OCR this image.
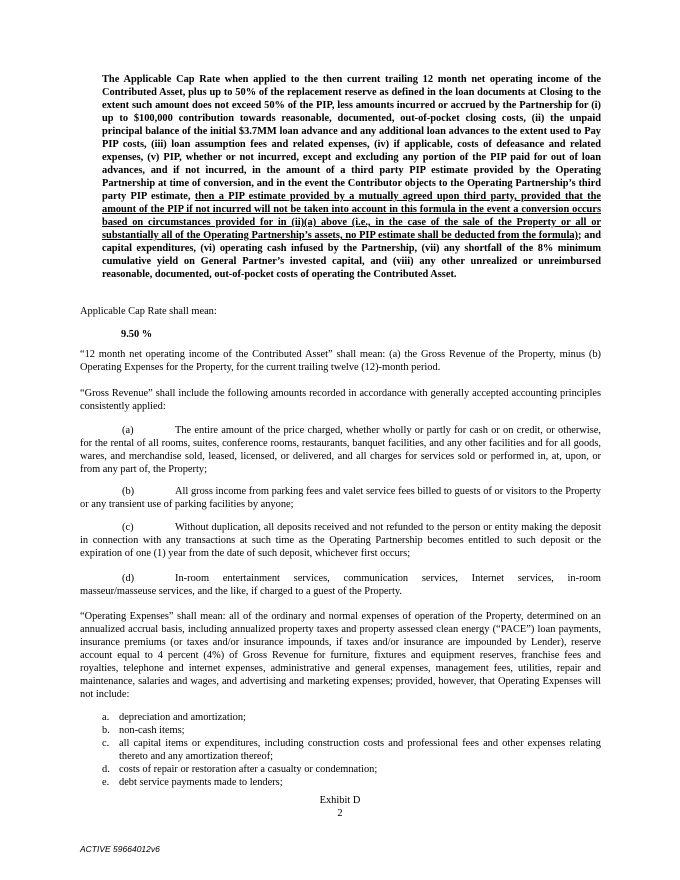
The Applicable Cap Rate when applied to the then current trailing 12 month net operating income of the Contributed Asset, plus up to 50% of the replacement reserve as defined in the loan documents at Closing to the extent such amount does not exceed 50% of the PIP, less amounts incurred or accrued by the Partnership for (i) up to $100,000 contribution towards reasonable, documented, out-of-pocket closing costs, (ii) the unpaid principal balance of the initial $3.7MM loan advance and any additional loan advances to the extent used to Pay PIP costs, (iii) loan assumption fees and related expenses, (iv) if applicable, costs of defeasance and related expenses, (v) PIP, whether or not incurred, except and excluding any portion of the PIP paid for out of loan advances, and if not incurred, in the amount of a third party PIP estimate provided by the Operating Partnership at time of conversion, and in the event the Contributor objects to the Operating Partnership’s third party PIP estimate, then a PIP estimate provided by a mutually agreed upon third party, provided that the amount of the PIP if not incurred will not be taken into account in this formula in the event a conversion occurs based on circumstances provided for in (ii)(a) above (i.e., in the case of the sale of the Property or all or substantially all of the Operating Partnership’s assets, no PIP estimate shall be deducted from the formula); and capital expenditures, (vi) operating cash infused by the Partnership, (vii) any shortfall of the 8% minimum cumulative yield on General Partner’s invested capital, and (viii) any other unrealized or unreimbursed reasonable, documented, out-of-pocket costs of operating the Contributed Asset.

Applicable Cap Rate shall mean:

9.50 %

“12 month net operating income of the Contributed Asset” shall mean: (a) the Gross Revenue of the Property, minus (b) Operating Expenses for the Property, for the current trailing twelve (12)-month period.

“Gross Revenue” shall include the following amounts recorded in accordance with generally accepted accounting principles consistently applied:

(a)	The entire amount of the price charged, whether wholly or partly for cash or on credit, or otherwise, for the rental of all rooms, suites, conference rooms, restaurants, banquet facilities, and any other facilities and for all goods, wares, and merchandise sold, leased, licensed, or delivered, and all charges for services sold or performed in, at, upon, or from any part of, the Property;

(b)	All gross income from parking fees and valet service fees billed to guests of or visitors to the Property or any transient use of parking facilities by anyone;

(c)	Without duplication, all deposits received and not refunded to the person or entity making the deposit in connection with any transactions at such time as the Operating Partnership becomes entitled to such deposit or the expiration of one (1) year from the date of such deposit, whichever first occurs;

(d)	In-room entertainment services, communication services, Internet services, in-room masseur/masseuse services, and the like, if charged to a guest of the Property.

“Operating Expenses” shall mean: all of the ordinary and normal expenses of operation of the Property, determined on an annualized accrual basis, including annualized property taxes and property assessed clean energy (“PACE”) loan payments, insurance premiums (or taxes and/or insurance impounds, if taxes and/or insurance are impounded by Lender), reserve account equal to 4 percent (4%) of Gross Revenue for furniture, fixtures and equipment reserves, franchise fees and royalties, telephone and internet expenses, administrative and general expenses, management fees, utilities, repair and maintenance, salaries and wages, and advertising and marketing expenses; provided, however, that Operating Expenses will not include:

a. depreciation and amortization;
b. non-cash items;
c. all capital items or expenditures, including construction costs and professional fees and other expenses relating thereto and any amortization thereof;
d. costs of repair or restoration after a casualty or condemnation;
e. debt service payments made to lenders;

Exhibit D

2

ACTIVE 59664012v6
